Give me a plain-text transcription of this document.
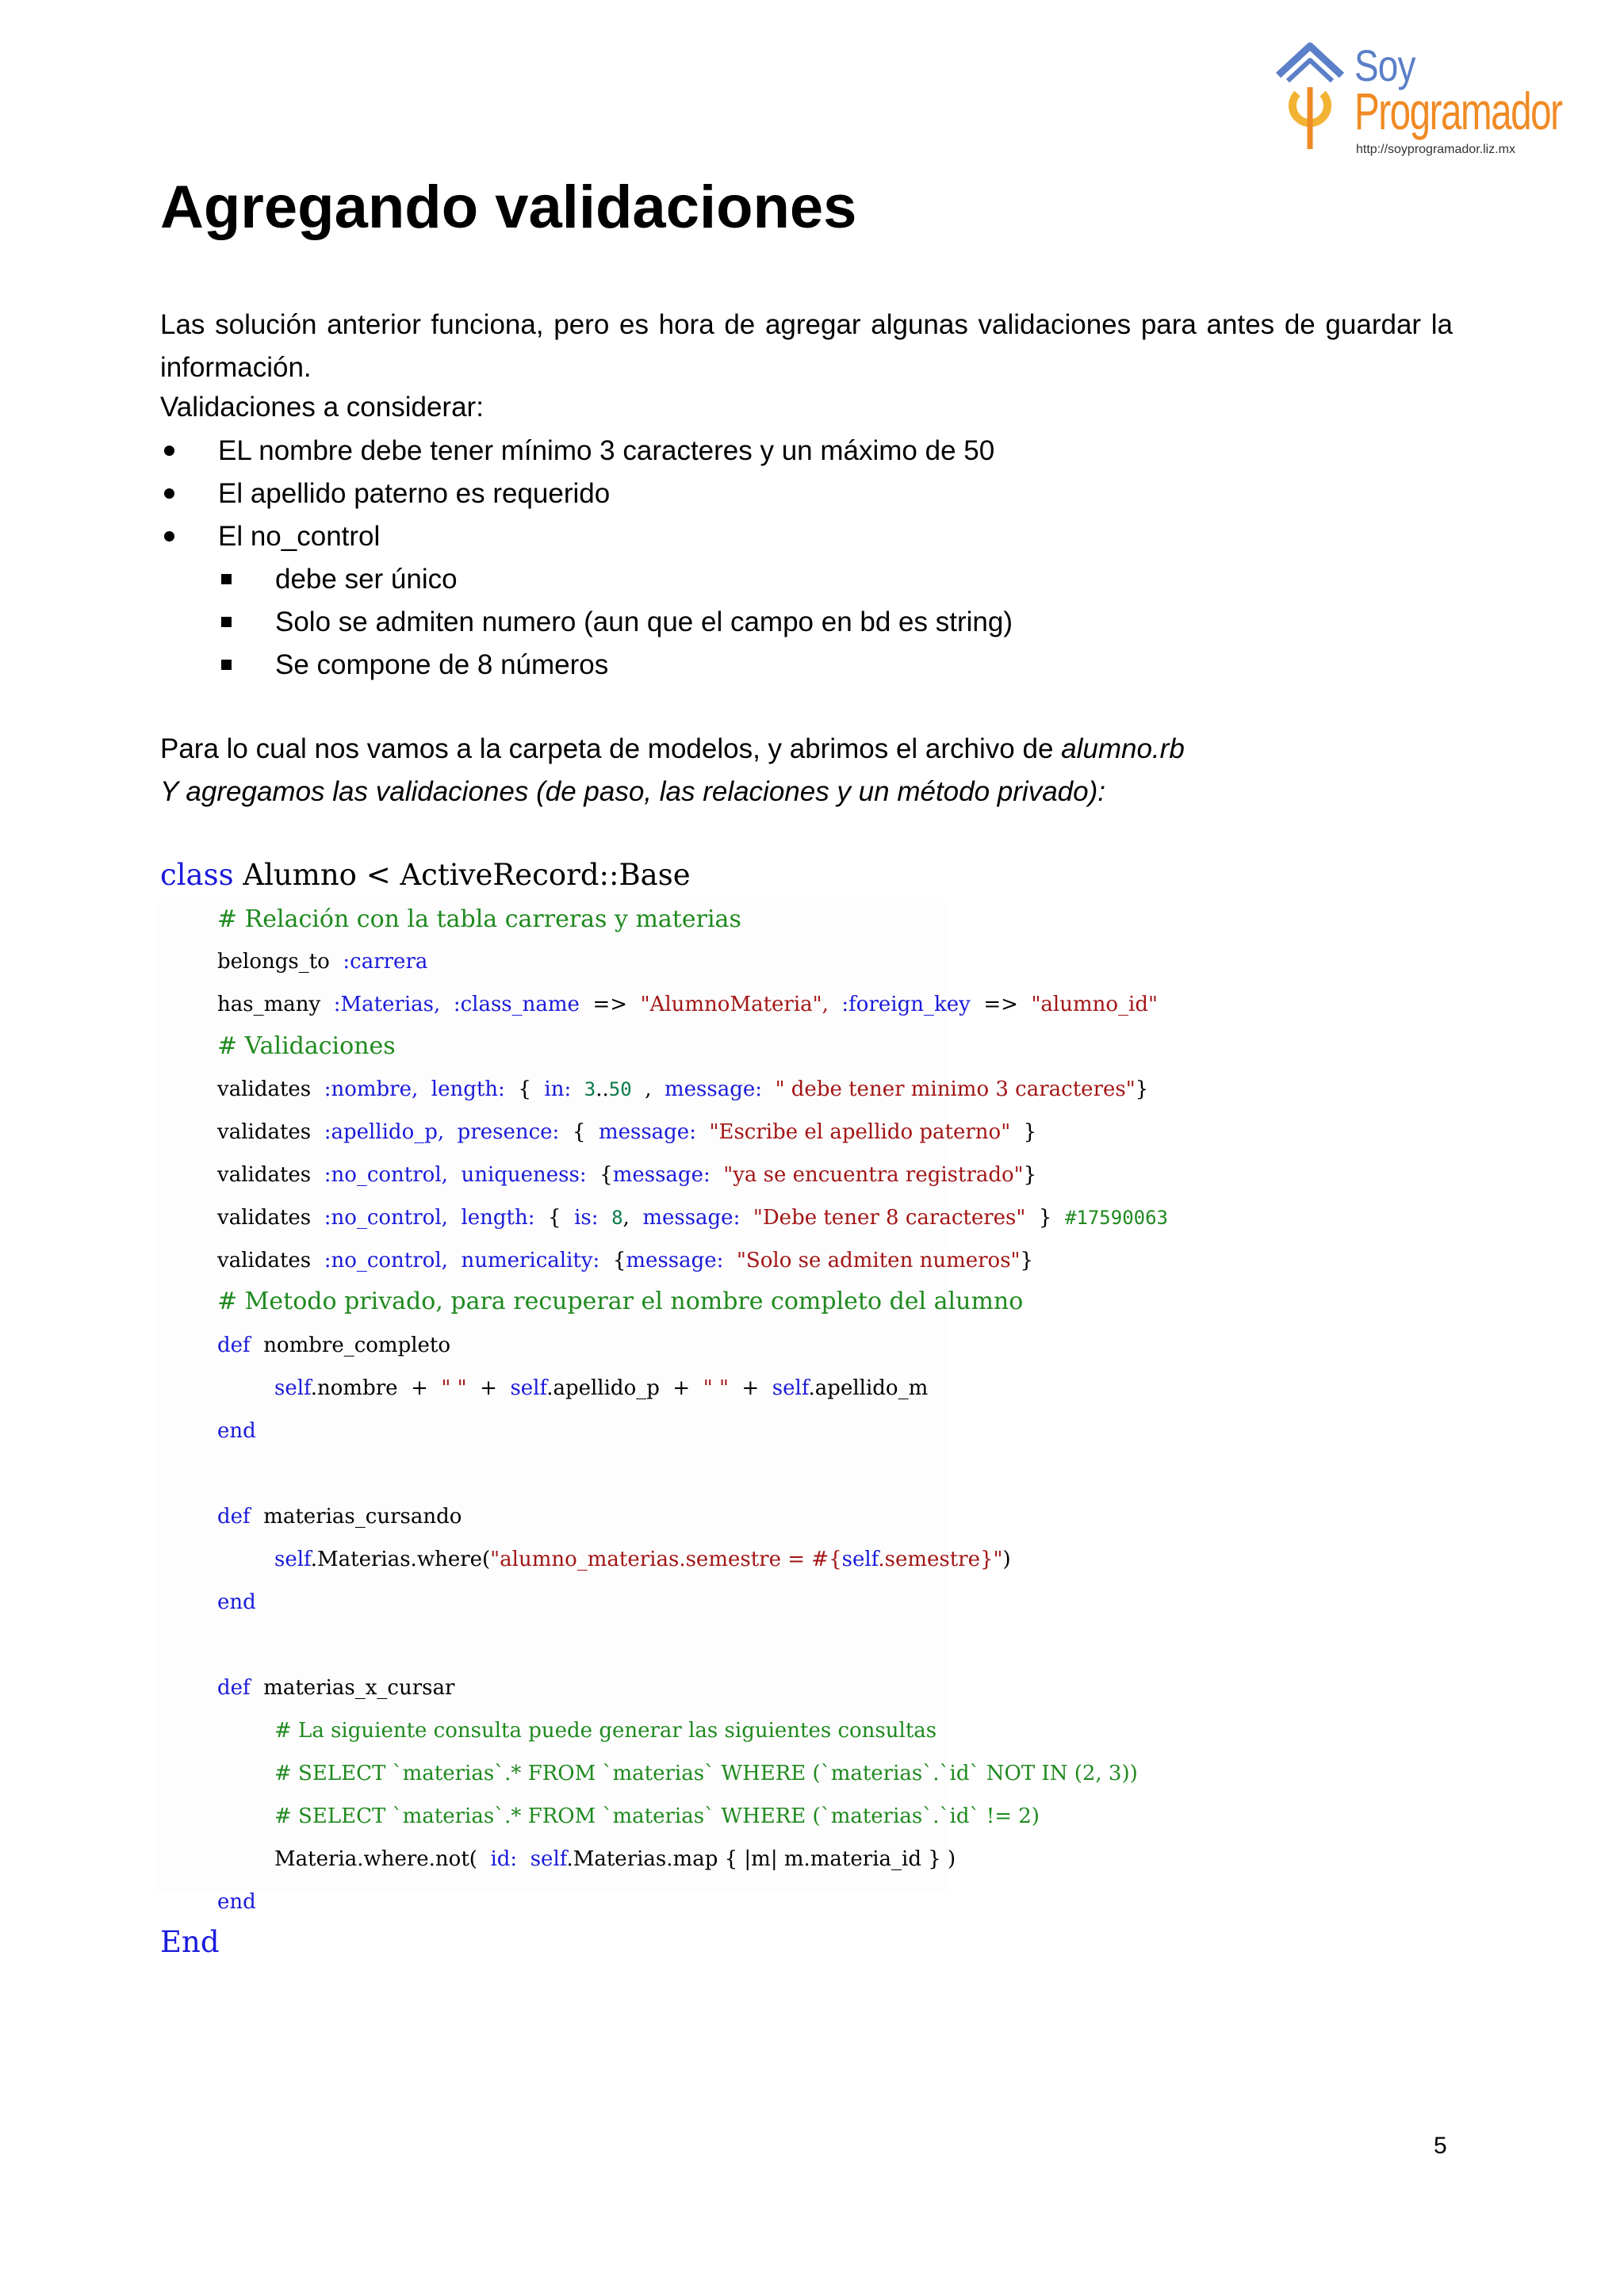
Soy
Programador
http://soyprogramador.liz.mx
Agregando validaciones
Las solución anterior funciona, pero es hora de agregar algunas validaciones para antes de guardar la información.
Validaciones a considerar:
EL nombre debe tener mínimo 3 caracteres y un máximo de 50
El apellido paterno es requerido
El no_control
debe ser único
Solo se admiten numero (aun que el campo en bd es string)
Se compone de 8 números
Para lo cual nos vamos a la carpeta de modelos, y abrimos el archivo de alumno.rb
Y agregamos las validaciones (de paso, las relaciones y un método privado):
class Alumno < ActiveRecord::Base
# Relación con la tabla carreras y materias
belongs_to :carrera
has_many :Materias, :class_name => "AlumnoMateria", :foreign_key => "alumno_id"
# Validaciones
validates :nombre, length:  {  in: 3..50  ,  message: " debe tener minimo 3 caracteres"}
validates :apellido_p, presence:  {  message: "Escribe el apellido paterno"  }
validates :no_control, uniqueness:  {message: "ya se encuentra registrado"}
validates :no_control, length:  {  is: 8,  message: "Debe tener 8 caracteres"  }  #17590063
validates :no_control, numericality:  {message: "Solo se admiten numeros"}
# Metodo privado, para recuperar el nombre completo del alumno
def nombre_completo
self.nombre + " " + self.apellido_p + " " + self.apellido_m
end
def materias_cursando
self.Materias.where("alumno_materias.semestre = #{self.semestre}")
end
def materias_x_cursar
# La siguiente consulta puede generar las siguientes consultas
# SELECT `materias`.* FROM `materias` WHERE (`materias`.`id` NOT IN (2, 3))
# SELECT `materias`.* FROM `materias` WHERE (`materias`.`id` != 2)
Materia.where.not( id: self.Materias.map { |m| m.materia_id } )
end
End
5
